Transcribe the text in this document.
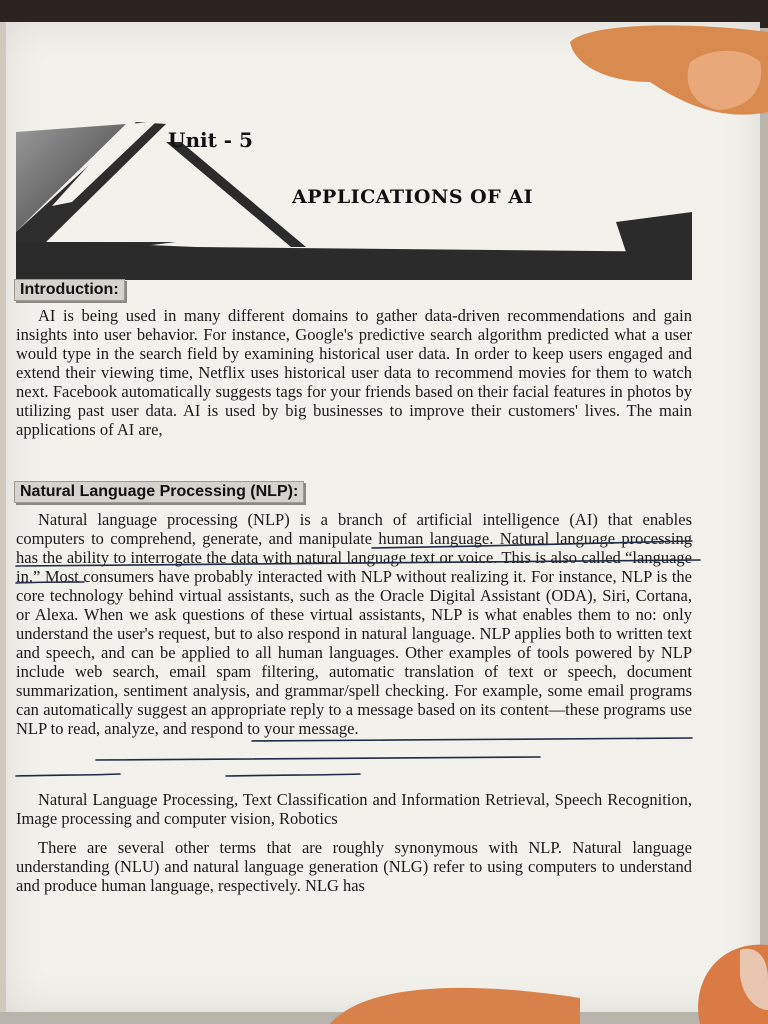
Unit - 5
APPLICATIONS OF AI
Introduction:

AI is being used in many different domains to gather data-driven recommendations and gain insights into user behavior. For instance, Google's predictive search algorithm predicted what a user would type in the search field by examining historical user data. In order to keep users engaged and extend their viewing time, Netflix uses historical user data to recommend movies for them to watch next. Facebook automatically suggests tags for your friends based on their facial features in photos by utilizing past user data. AI is used by big businesses to improve their customers' lives. The main applications of AI are,

Natural Language Processing (NLP):

Natural language processing (NLP) is a branch of artificial intelligence (AI) that enables computers to comprehend, generate, and manipulate human language. Natural language processing has the ability to interrogate the data with natural language text or voice. This is also called “language in.” Most consumers have probably interacted with NLP without realizing it. For instance, NLP is the core technology behind virtual assistants, such as the Oracle Digital Assistant (ODA), Siri, Cortana, or Alexa. When we ask questions of these virtual assistants, NLP is what enables them to no: only understand the user's request, but to also respond in natural language. NLP applies both to written text and speech, and can be applied to all human languages. Other examples of tools powered by NLP include web search, email spam filtering, automatic translation of text or speech, document summarization, sentiment analysis, and grammar/spell checking. For example, some email programs can automatically suggest an appropriate reply to a message based on its content—these programs use NLP to read, analyze, and respond to your message.

Natural Language Processing, Text Classification and Information Retrieval, Speech Recognition, Image processing and computer vision, Robotics

There are several other terms that are roughly synonymous with NLP. Natural language understanding (NLU) and natural language generation (NLG) refer to using computers to understand and produce human language, respectively. NLG has
